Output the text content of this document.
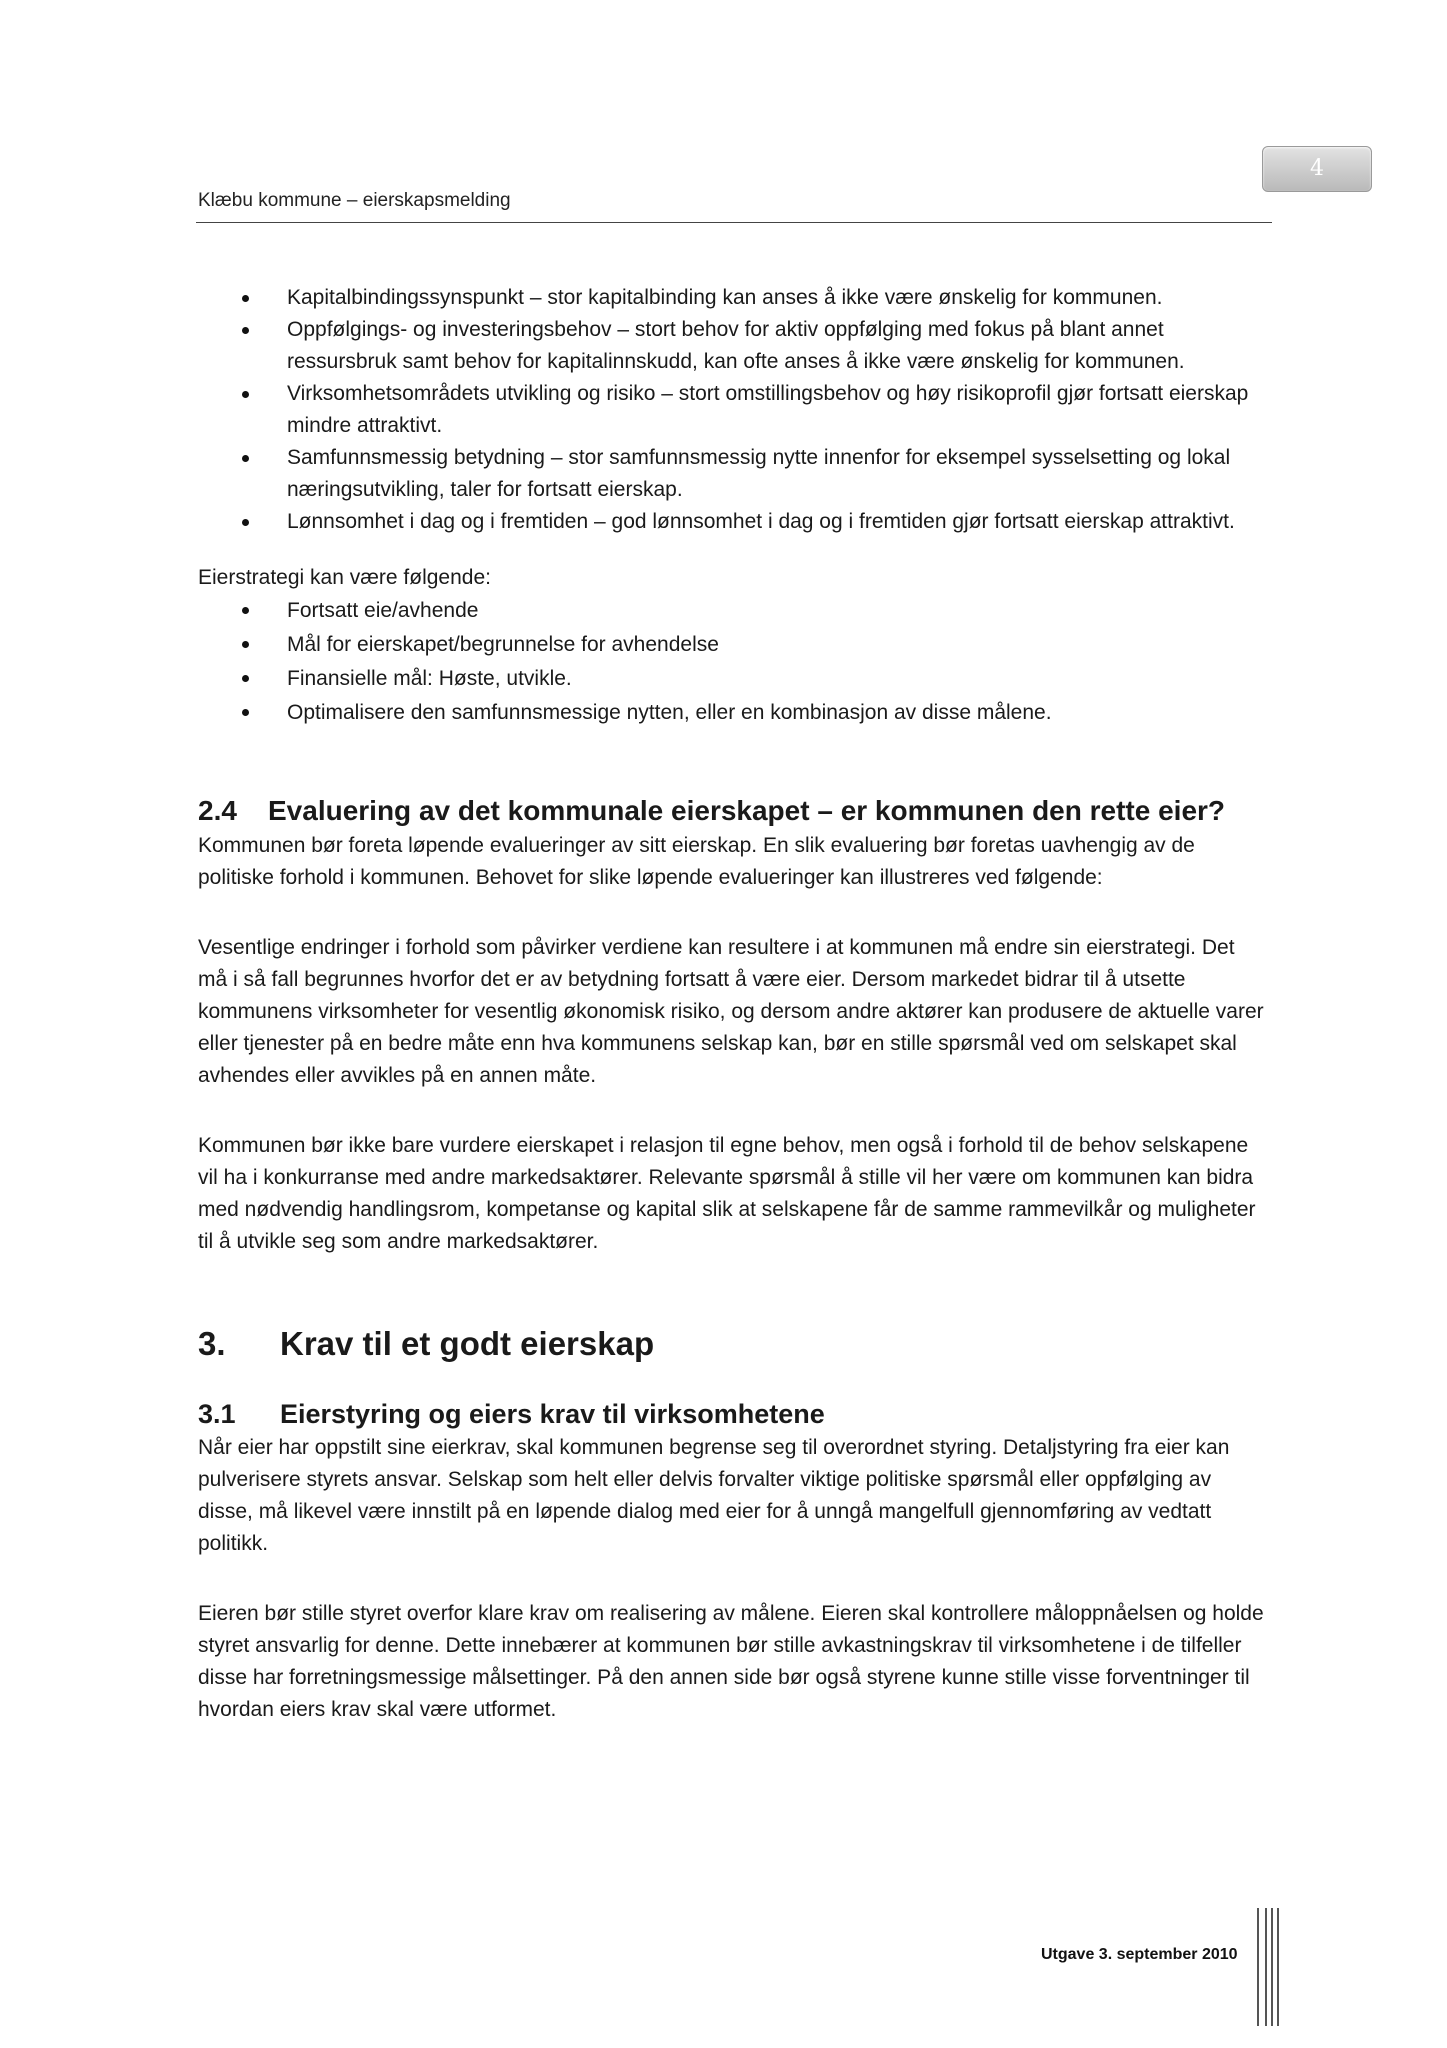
Klæbu kommune – eierskapsmelding
4
Kapitalbindingssynspunkt – stor kapitalbinding kan anses å ikke være ønskelig for kommunen.
Oppfølgings- og investeringsbehov – stort behov for aktiv oppfølging med fokus på blant annet ressursbruk samt behov for kapitalinnskudd, kan ofte anses å ikke være ønskelig for kommunen.
Virksomhetsområdets utvikling og risiko – stort omstillingsbehov og høy risikoprofil gjør fortsatt eierskap mindre attraktivt.
Samfunnsmessig betydning – stor samfunnsmessig nytte innenfor for eksempel sysselsetting og lokal næringsutvikling, taler for fortsatt eierskap.
Lønnsomhet i dag og i fremtiden – god lønnsomhet i dag og i fremtiden gjør fortsatt eierskap attraktivt.

Eierstrategi kan være følgende:

Fortsatt eie/avhende
Mål for eierskapet/begrunnelse for avhendelse
Finansielle mål: Høste, utvikle.
Optimalisere den samfunnsmessige nytten, eller en kombinasjon av disse målene.
2.4 Evaluering av det kommunale eierskapet – er kommunen den rette eier?

Kommunen bør foreta løpende evalueringer av sitt eierskap. En slik evaluering bør foretas uavhengig av de politiske forhold i kommunen. Behovet for slike løpende evalueringer kan illustreres ved følgende:

Vesentlige endringer i forhold som påvirker verdiene kan resultere i at kommunen må endre sin eierstrategi. Det må i så fall begrunnes hvorfor det er av betydning fortsatt å være eier. Dersom markedet bidrar til å utsette kommunens virksomheter for vesentlig økonomisk risiko, og dersom andre aktører kan produsere de aktuelle varer eller tjenester på en bedre måte enn hva kommunens selskap kan, bør en stille spørsmål ved om selskapet skal avhendes eller avvikles på en annen måte.

Kommunen bør ikke bare vurdere eierskapet i relasjon til egne behov, men også i forhold til de behov selskapene vil ha i konkurranse med andre markedsaktører. Relevante spørsmål å stille vil her være om kommunen kan bidra med nødvendig handlingsrom, kompetanse og kapital slik at selskapene får de samme rammevilkår og muligheter til å utvikle seg som andre markedsaktører.

3. Krav til et godt eierskap
3.1 Eierstyring og eiers krav til virksomhetene

Når eier har oppstilt sine eierkrav, skal kommunen begrense seg til overordnet styring. Detaljstyring fra eier kan pulverisere styrets ansvar. Selskap som helt eller delvis forvalter viktige politiske spørsmål eller oppfølging av disse, må likevel være innstilt på en løpende dialog med eier for å unngå mangelfull gjennomføring av vedtatt politikk.

Eieren bør stille styret overfor klare krav om realisering av målene. Eieren skal kontrollere måloppnåelsen og holde styret ansvarlig for denne. Dette innebærer at kommunen bør stille avkastningskrav til virksomhetene i de tilfeller disse har forretningsmessige målsettinger. På den annen side bør også styrene kunne stille visse forventninger til hvordan eiers krav skal være utformet.

Utgave 3. september 2010
